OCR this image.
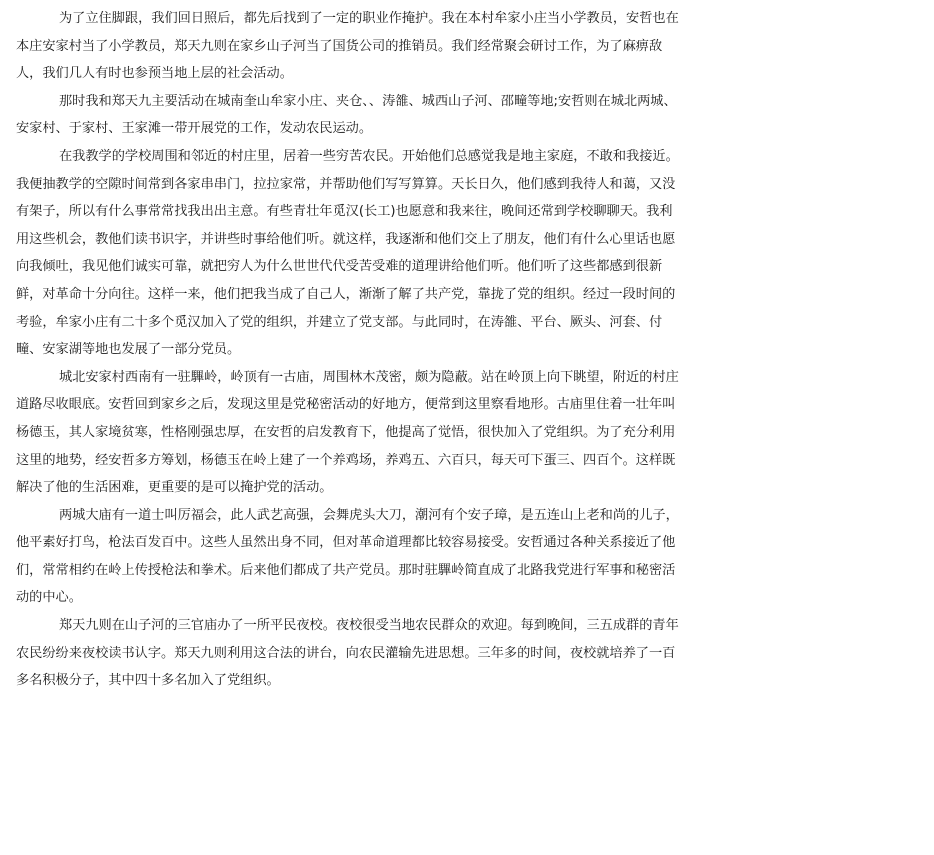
为了立住脚跟，我们回日照后，都先后找到了一定的职业作掩护。我在本村牟家小庄当小学教员，安哲也在
本庄安家村当了小学教员，郑天九则在家乡山子河当了国货公司的推销员。我们经常聚会研讨工作，为了麻痹敌
人，我们几人有时也参预当地上层的社会活动。
那时我和郑天九主要活动在城南奎山牟家小庄、夹仓、、涛雒、城西山子河、邵疃等地;安哲则在城北两城、
安家村、于家村、王家滩一带开展党的工作，发动农民运动。
在我教学的学校周围和邻近的村庄里，居着一些穷苦农民。开始他们总感觉我是地主家庭，不敢和我接近。
我便抽教学的空隙时间常到各家串串门，拉拉家常，并帮助他们写写算算。天长日久，他们感到我待人和蔼，又没
有架子，所以有什么事常常找我出出主意。有些青壮年觅汉(长工)也愿意和我来往，晚间还常到学校聊聊天。我利
用这些机会，教他们读书识字，并讲些时事给他们听。就这样，我逐渐和他们交上了朋友，他们有什么心里话也愿
向我倾吐，我见他们诚实可靠，就把穷人为什么世世代代受苦受难的道理讲给他们听。他们听了这些都感到很新
鲜，对革命十分向往。这样一来，他们把我当成了自己人，渐渐了解了共产党，靠拢了党的组织。经过一段时间的
考验，牟家小庄有二十多个觅汉加入了党的组织，并建立了党支部。与此同时，在涛雒、平台、厥头、河套、付
疃、安家湖等地也发展了一部分党员。
城北安家村西南有一驻驆岭，岭顶有一古庙，周围林木茂密，颇为隐蔽。站在岭顶上向下眺望，附近的村庄
道路尽收眼底。安哲回到家乡之后，发现这里是党秘密活动的好地方，便常到这里察看地形。古庙里住着一壮年叫
杨德玉，其人家境贫寒，性格刚强忠厚，在安哲的启发教育下，他提高了觉悟，很快加入了党组织。为了充分利用
这里的地势，经安哲多方筹划，杨德玉在岭上建了一个养鸡场，养鸡五、六百只，每天可下蛋三、四百个。这样既
解决了他的生活困难，更重要的是可以掩护党的活动。
两城大庙有一道士叫厉福会，此人武艺高强，会舞虎头大刀，潮河有个安子璋，是五连山上老和尚的儿子，
他平素好打鸟，枪法百发百中。这些人虽然出身不同，但对革命道理都比较容易接受。安哲通过各种关系接近了他
们，常常相约在岭上传授枪法和拳术。后来他们都成了共产党员。那时驻驆岭简直成了北路我党进行军事和秘密活
动的中心。
郑天九则在山子河的三官庙办了一所平民夜校。夜校很受当地农民群众的欢迎。每到晚间，三五成群的青年
农民纷纷来夜校读书认字。郑天九则利用这合法的讲台，向农民灌输先进思想。三年多的时间，夜校就培养了一百
多名积极分子，其中四十多名加入了党组织。
